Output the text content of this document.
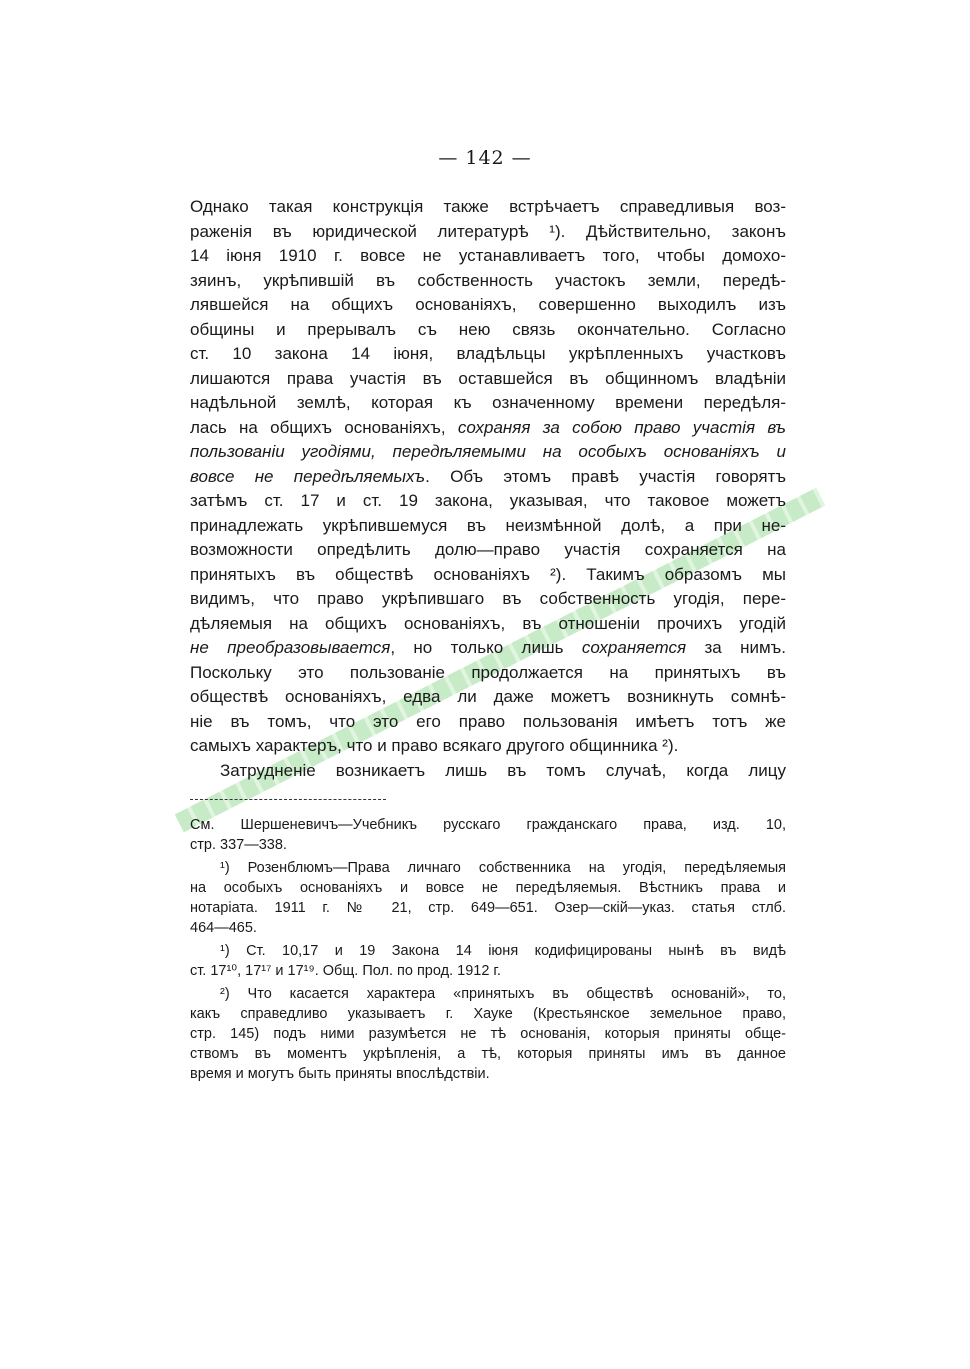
— 142 —
Однако такая конструкція также встрѣчаетъ справедливыя воз-
раженія въ юридической литературѣ ¹). Дѣйствительно, законъ
14 іюня 1910 г. вовсе не устанавливаетъ того, чтобы домохо-
зяинъ, укрѣпившій въ собственность участокъ земли, передѣ-
лявшейся на общихъ основаніяхъ, совершенно выходилъ изъ
общины и прерывалъ съ нею связь окончательно. Согласно
ст. 10 закона 14 іюня, владѣльцы укрѣпленныхъ участковъ
лишаются права участія въ оставшейся въ общинномъ владѣніи
надѣльной землѣ, которая къ означенному времени передѣля-
лась на общихъ основаніяхъ, сохраняя за собою право участія въ
пользованіи угодіями, передѣляемыми на особыхъ основаніяхъ и
вовсе не передѣляемыхъ. Объ этомъ правѣ участія говорятъ
затѣмъ ст. 17 и ст. 19 закона, указывая, что таковое можетъ
принадлежать укрѣпившемуся въ неизмѣнной долѣ, а при не-
возможности опредѣлить долю—право участія сохраняется на
принятыхъ въ обществѣ основаніяхъ ²). Такимъ образомъ мы
видимъ, что право укрѣпившагo въ собственность угодія, пере-
дѣляемыя на общихъ основаніяхъ, въ отношеніи прочихъ угодій
не преобразовывается, но только лишь сохраняется за нимъ.
Поскольку это пользованіе продолжается на принятыхъ въ
обществѣ основаніяхъ, едва ли даже можетъ возникнуть сомнѣ-
ніе въ томъ, что это его право пользованія имѣетъ тотъ же
самыхъ характеръ, что и право всякаго другого общинника ²).
Затрудненіе возникаетъ лишь въ томъ случаѣ, когда лицу
См. Шершеневичъ—Учебникъ русскаго гражданскаго права, изд. 10,
стр. 337—338.
¹) Розенблюмъ—Права личнаго собственника на угодія, передѣляемыя
на особыхъ основаніяхъ и вовсе не передѣляемыя. Вѣстникъ права и
нотаріата. 1911 г. № 21, стр. 649—651. Озер—скій—указ. статья стлб.
464—465.
¹) Ст. 10,17 и 19 Закона 14 іюня кодифицированы нынѣ въ видѣ
ст. 17¹⁰, 17¹⁷ и 17¹⁹. Общ. Пол. по прод. 1912 г.
²) Что касается характера «принятыхъ въ обществѣ основаній», то,
какъ справедливо указываетъ г. Хауке (Крестьянское земельное право,
стр. 145) подъ ними разумѣется не тѣ основанія, которыя приняты обще-
ствомъ въ моментъ укрѣпленія, а тѣ, которыя приняты имъ въ данное
время и могутъ быть приняты впослѣдствіи.
